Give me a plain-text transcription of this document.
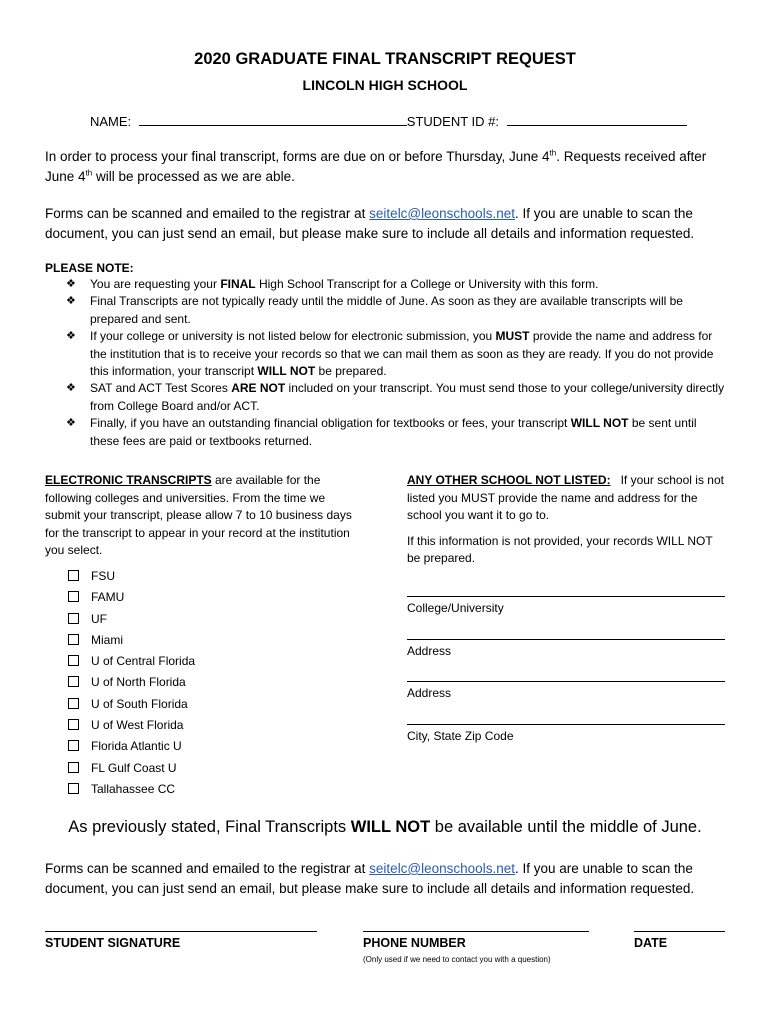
2020 GRADUATE FINAL TRANSCRIPT REQUEST
LINCOLN HIGH SCHOOL
NAME:	STUDENT ID #:
In order to process your final transcript, forms are due on or before Thursday, June 4th. Requests received after June 4th will be processed as we are able.
Forms can be scanned and emailed to the registrar at seitelc@leonschools.net. If you are unable to scan the document, you can just send an email, but please make sure to include all details and information requested.
PLEASE NOTE:
❖ You are requesting your FINAL High School Transcript for a College or University with this form.
❖ Final Transcripts are not typically ready until the middle of June. As soon as they are available transcripts will be prepared and sent.
❖ If your college or university is not listed below for electronic submission, you MUST provide the name and address for the institution that is to receive your records so that we can mail them as soon as they are ready. If you do not provide this information, your transcript WILL NOT be prepared.
❖ SAT and ACT Test Scores ARE NOT included on your transcript. You must send those to your college/university directly from College Board and/or ACT.
❖ Finally, if you have an outstanding financial obligation for textbooks or fees, your transcript WILL NOT be sent until these fees are paid or textbooks returned.
ELECTRONIC TRANSCRIPTS are available for the following colleges and universities. From the time we submit your transcript, please allow 7 to 10 business days for the transcript to appear in your record at the institution you select.
FSU
FAMU
UF
Miami
U of Central Florida
U of North Florida
U of South Florida
U of West Florida
Florida Atlantic U
FL Gulf Coast U
Tallahassee CC
ANY OTHER SCHOOL NOT LISTED:   If your school is not listed you MUST provide the name and address for the school you want it to go to.
If this information is not provided, your records WILL NOT be prepared.
College/University
Address
Address
City, State Zip Code
As previously stated, Final Transcripts WILL NOT be available until the middle of June.
Forms can be scanned and emailed to the registrar at seitelc@leonschools.net. If you are unable to scan the document, you can just send an email, but please make sure to include all details and information requested.
STUDENT SIGNATURE	PHONE NUMBER
(Only used if we need to contact you with a question)
DATE
